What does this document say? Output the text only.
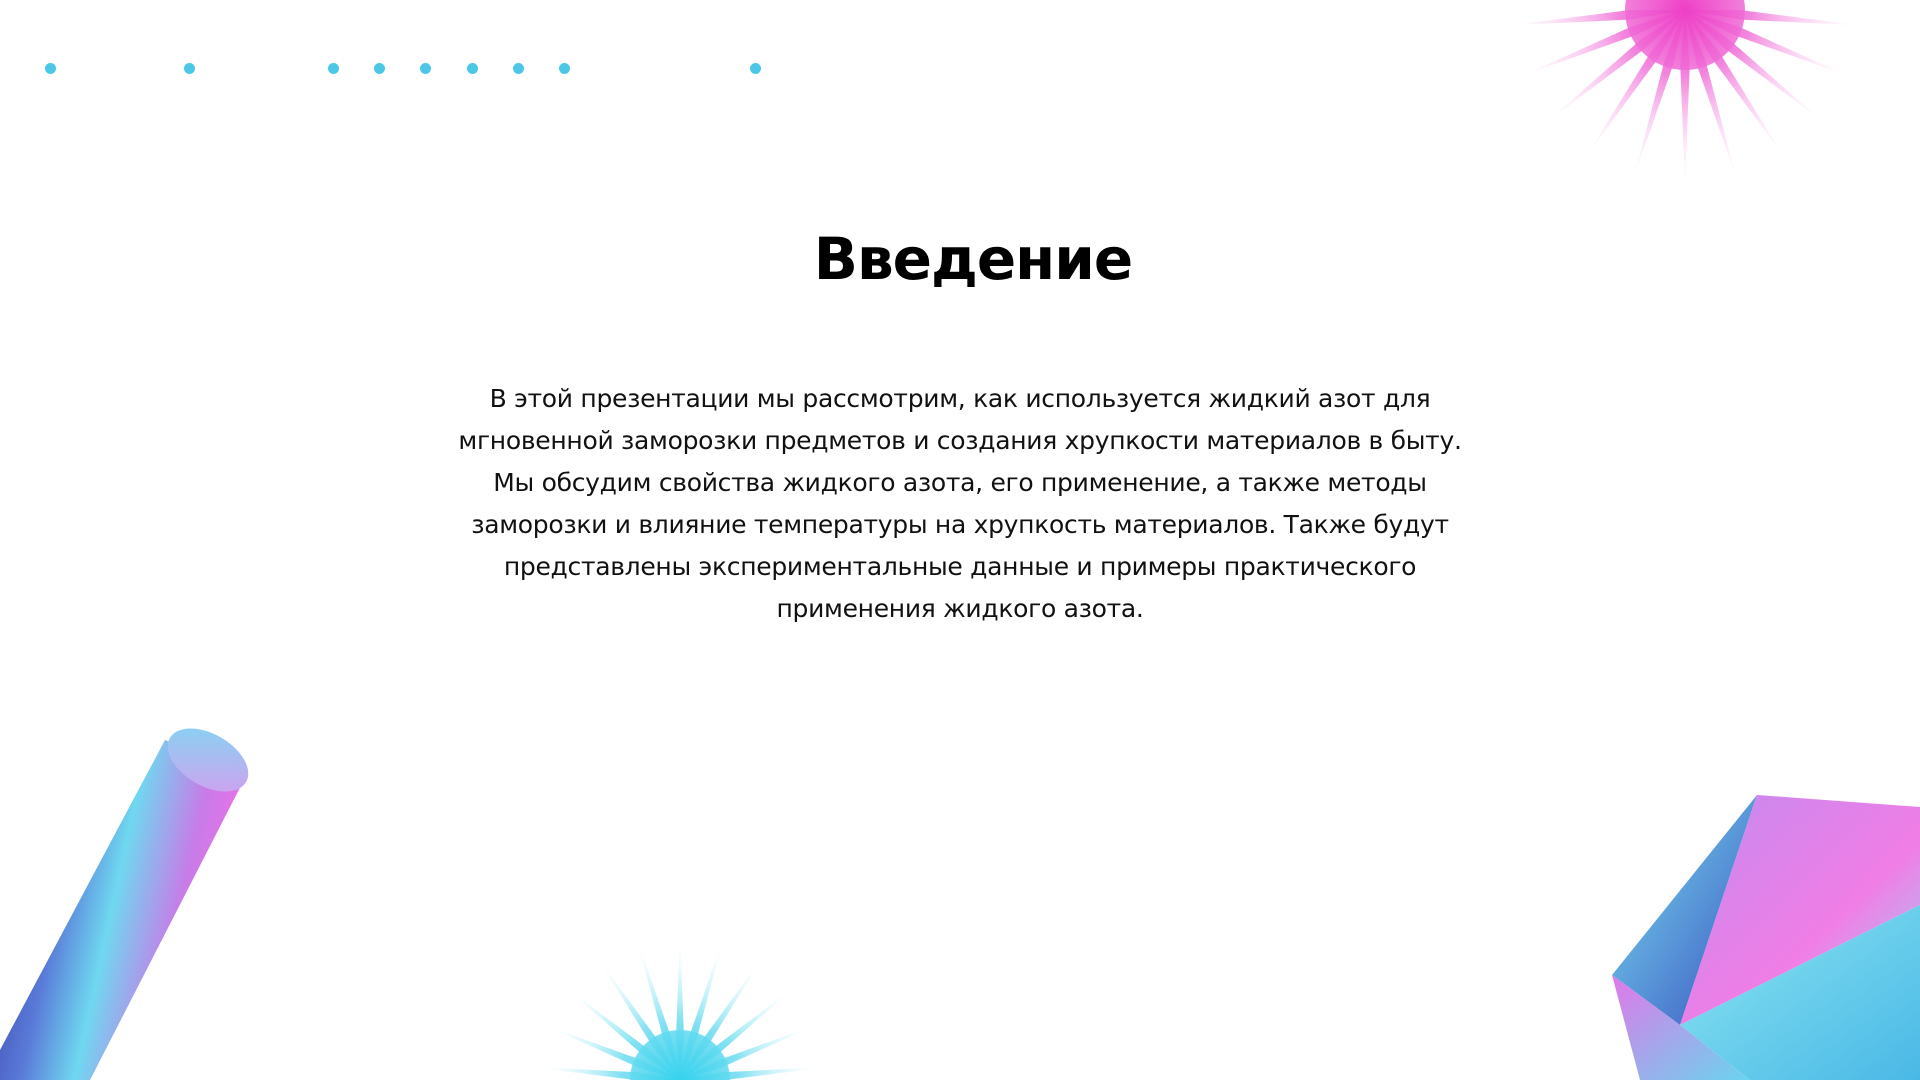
Введение

В этой презентации мы рассмотрим, как используется жидкий азот для мгновенной заморозки предметов и создания хрупкости материалов в быту. Мы обсудим свойства жидкого азота, его применение, а также методы заморозки и влияние температуры на хрупкость материалов. Также будут представлены экспериментальные данные и примеры практического применения жидкого азота.
